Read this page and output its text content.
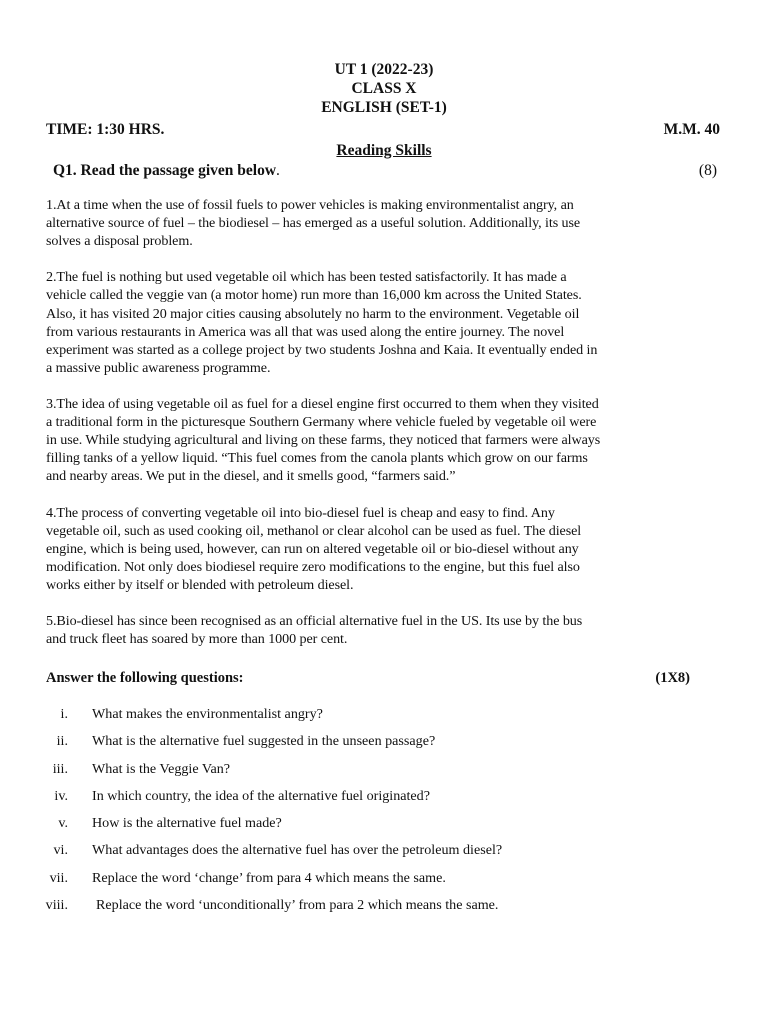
UT 1 (2022-23)
CLASS X
ENGLISH (SET-1)
TIME: 1:30 HRS.	M.M. 40
Reading Skills
Q1. Read the passage given below.	(8)
1.At a time when the use of fossil fuels to power vehicles is making environmentalist angry, an
alternative source of fuel – the biodiesel – has emerged as a useful solution. Additionally, its use
solves a disposal problem.
2.The fuel is nothing but used vegetable oil which has been tested satisfactorily. It has made a
vehicle called the veggie van (a motor home) run more than 16,000 km across the United States.
Also, it has visited 20 major cities causing absolutely no harm to the environment. Vegetable oil
from various restaurants in America was all that was used along the entire journey. The novel
experiment was started as a college project by two students Joshna and Kaia. It eventually ended in
a massive public awareness programme.
3.The idea of using vegetable oil as fuel for a diesel engine first occurred to them when they visited
a traditional form in the picturesque Southern Germany where vehicle fueled by vegetable oil were
in use. While studying agricultural and living on these farms, they noticed that farmers were always
filling tanks of a yellow liquid. “This fuel comes from the canola plants which grow on our farms
and nearby areas. We put in the diesel, and it smells good, “farmers said.”
4.The process of converting vegetable oil into bio-diesel fuel is cheap and easy to find. Any
vegetable oil, such as used cooking oil, methanol or clear alcohol can be used as fuel. The diesel
engine, which is being used, however, can run on altered vegetable oil or bio-diesel without any
modification. Not only does biodiesel require zero modifications to the engine, but this fuel also
works either by itself or blended with petroleum diesel.
5.Bio-diesel has since been recognised as an official alternative fuel in the US. Its use by the bus
and truck fleet has soared by more than 1000 per cent.
Answer the following questions:	(1X8)
i. What makes the environmentalist angry?
ii. What is the alternative fuel suggested in the unseen passage?
iii. What is the Veggie Van?
iv. In which country, the idea of the alternative fuel originated?
v. How is the alternative fuel made?
vi. What advantages does the alternative fuel has over the petroleum diesel?
vii. Replace the word ‘change’ from para 4 which means the same.
viii. Replace the word ‘unconditionally’ from para 2 which means the same.
